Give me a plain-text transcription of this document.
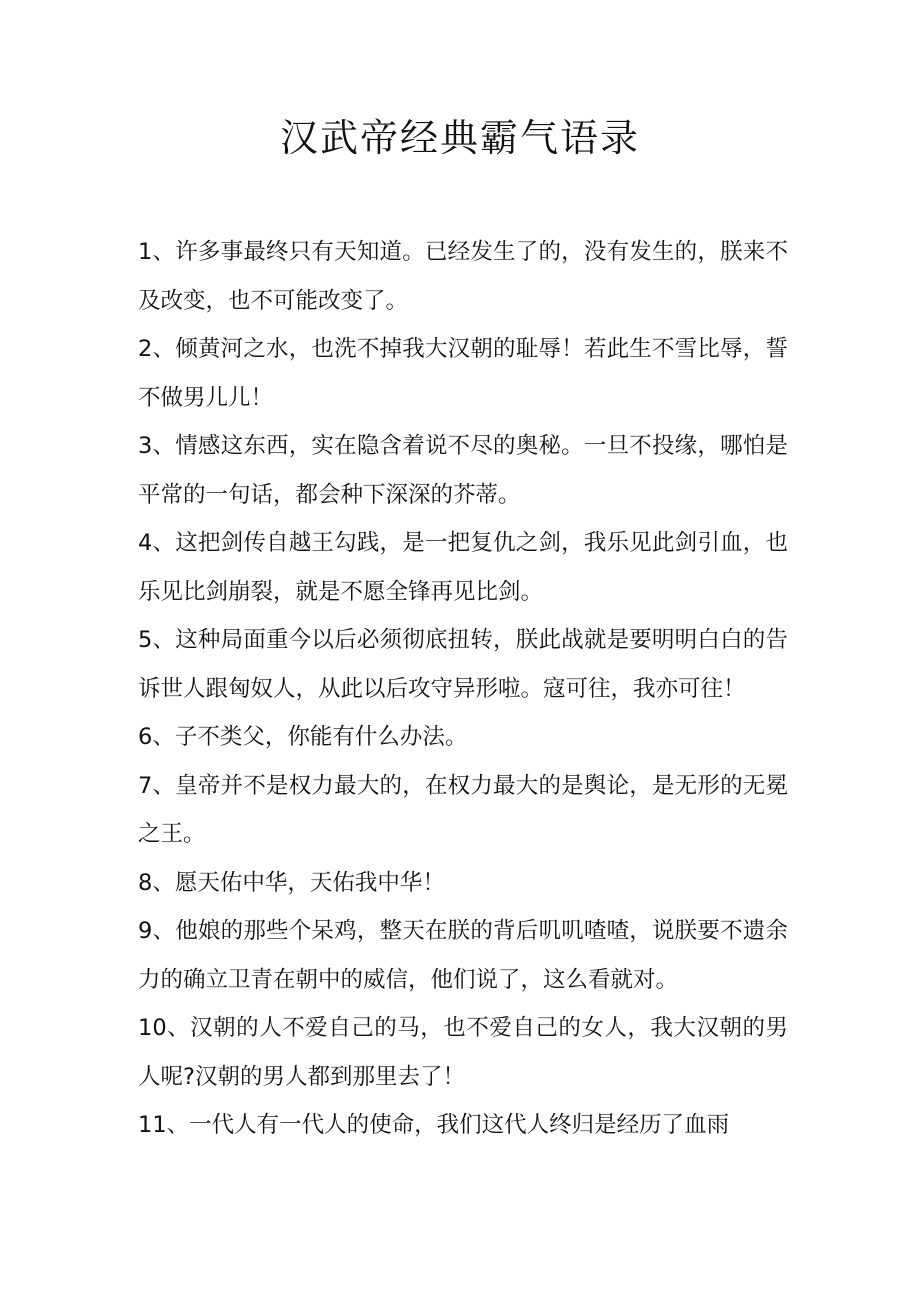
汉武帝经典霸气语录

1、许多事最终只有天知道。已经发生了的，没有发生的，朕来不及改变，也不可能改变了。

2、倾黄河之水，也洗不掉我大汉朝的耻辱！若此生不雪比辱，誓不做男儿儿！

3、情感这东西，实在隐含着说不尽的奥秘。一旦不投缘，哪怕是平常的一句话，都会种下深深的芥蒂。

4、这把剑传自越王勾践，是一把复仇之剑，我乐见此剑引血，也乐见比剑崩裂，就是不愿全锋再见比剑。

5、这种局面重今以后必须彻底扭转，朕此战就是要明明白白的告诉世人跟匈奴人，从此以后攻守异形啦。寇可往，我亦可往！

6、子不类父，你能有什么办法。

7、皇帝并不是权力最大的，在权力最大的是舆论，是无形的无冕之王。

8、愿天佑中华，天佑我中华！

9、他娘的那些个呆鸡，整天在朕的背后叽叽喳喳，说朕要不遗余力的确立卫青在朝中的威信，他们说了，这么看就对。

10、汉朝的人不爱自己的马，也不爱自己的女人，我大汉朝的男人呢?汉朝的男人都到那里去了！

11、一代人有一代人的使命，我们这代人终归是经历了血雨
